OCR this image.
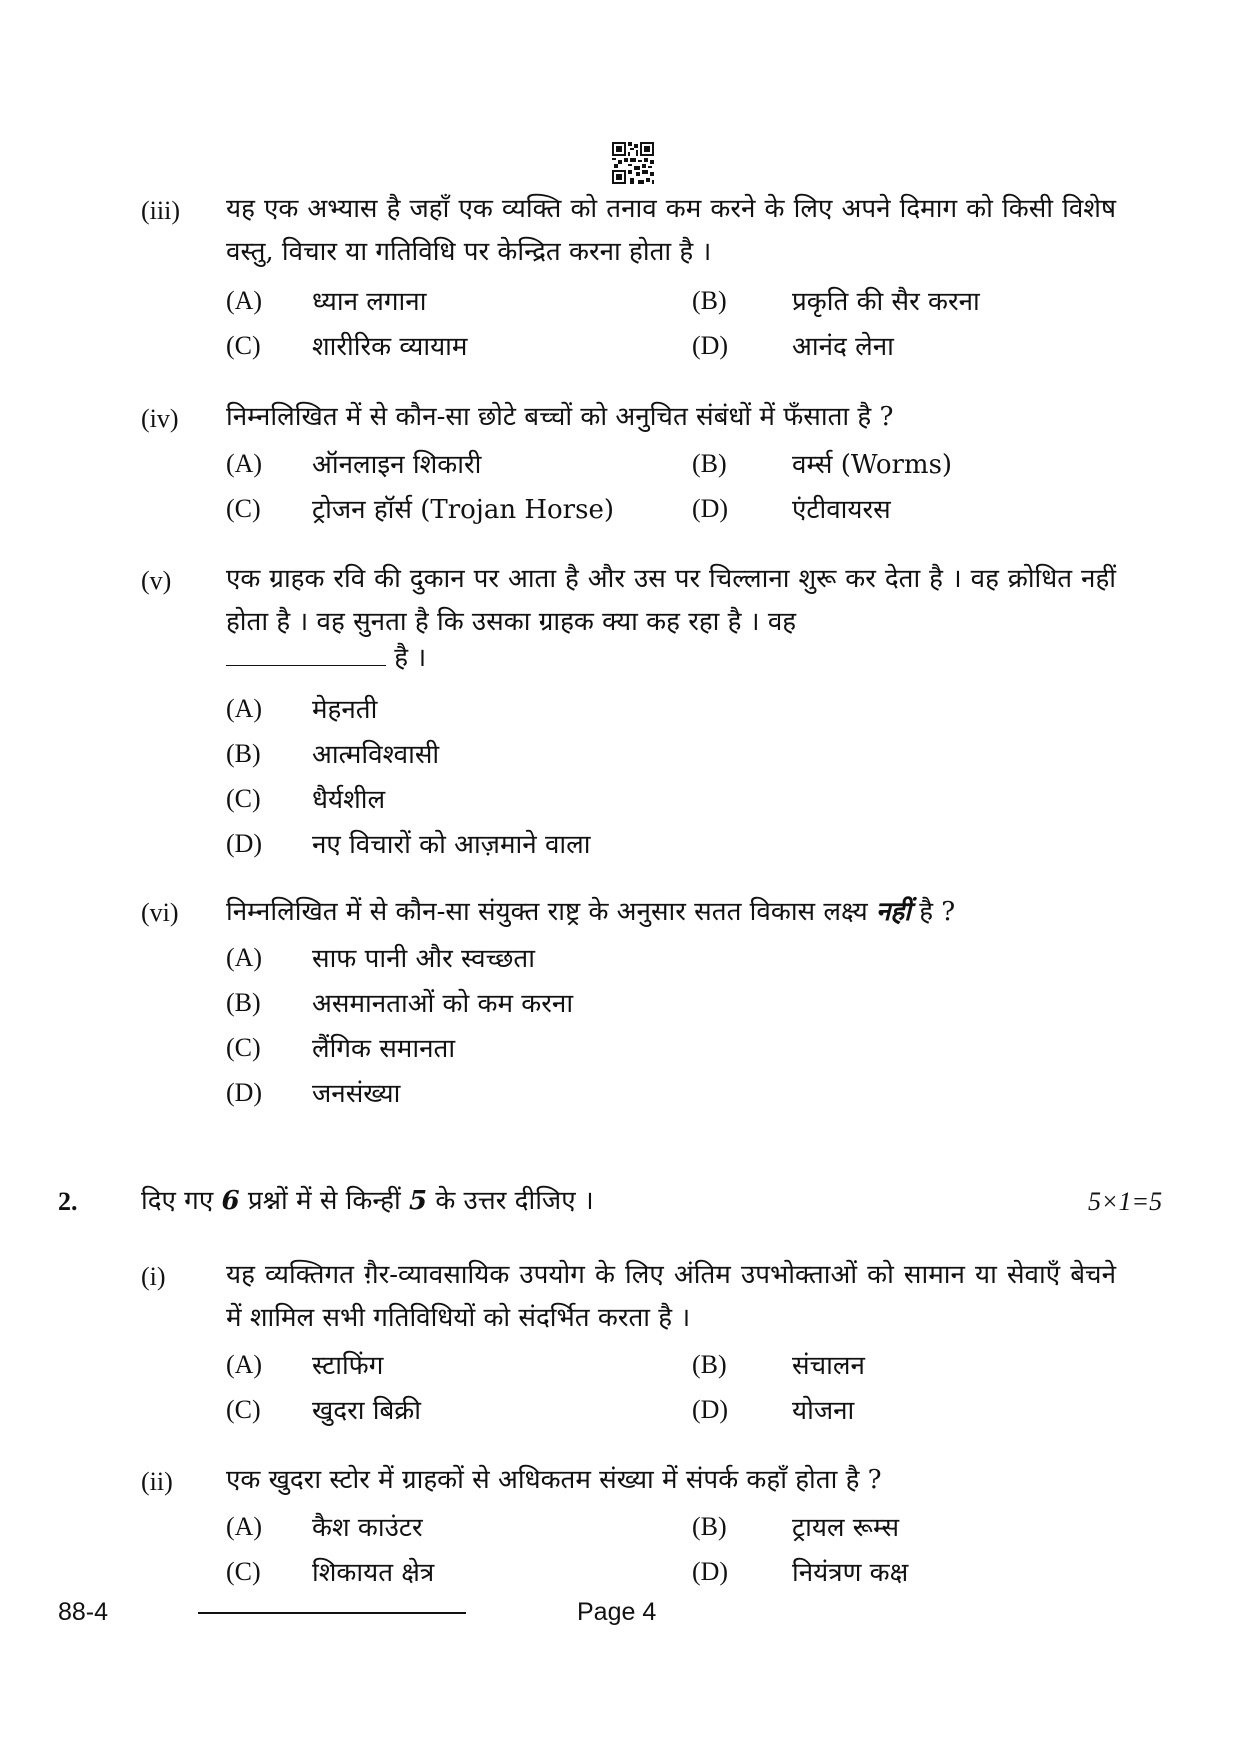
(iii) यह एक अभ्यास है जहाँ एक व्यक्ति को तनाव कम करने के लिए अपने दिमाग को किसी विशेष वस्तु, विचार या गतिविधि पर केन्द्रित करना होता है ।
(A) ध्यान लगाना	(B)	प्रकृति की सैर करना
(C) शारीरिक व्यायाम	(D) आनंद लेना
(iv) निम्नलिखित में से कौन-सा छोटे बच्चों को अनुचित संबंधों में फँसाता है ?
(A) ऑनलाइन शिकारी	(B)	वर्म्स (Worms)
(C) ट्रोजन हॉर्स (Trojan Horse)	(D) एंटीवायरस
(v) एक ग्राहक रवि की दुकान पर आता है और उस पर चिल्लाना शुरू कर देता है । वह क्रोधित नहीं होता है । वह सुनता है कि उसका ग्राहक क्या कह रहा है । वह
है ।
(A) मेहनती
(B) आत्मविश्वासी
(C) धैर्यशील
(D) नए विचारों को आज़माने वाला
(vi) निम्नलिखित में से कौन-सा संयुक्त राष्ट्र के अनुसार सतत विकास लक्ष्य नहीं है ?
(A) साफ पानी और स्वच्छता
(B) असमानताओं को कम करना
(C) लैंगिक समानता
(D) जनसंख्या
2. दिए गए 6 प्रश्नों में से किन्हीं 5 के उत्तर दीजिए ।	5×1=5
(i) यह व्यक्तिगत ग़ैर-व्यावसायिक उपयोग के लिए अंतिम उपभोक्ताओं को सामान या सेवाएँ बेचने में शामिल सभी गतिविधियों को संदर्भित करता है ।
(A) स्टाफिंग	(B)	संचालन
(C) खुदरा बिक्री	(D) योजना
(ii) एक खुदरा स्टोर में ग्राहकों से अधिकतम संख्या में संपर्क कहाँ होता है ?
(A) कैश काउंटर	(B)	ट्रायल रूम्स
(C) शिकायत क्षेत्र	(D) नियंत्रण कक्ष
88-4	Page 4
